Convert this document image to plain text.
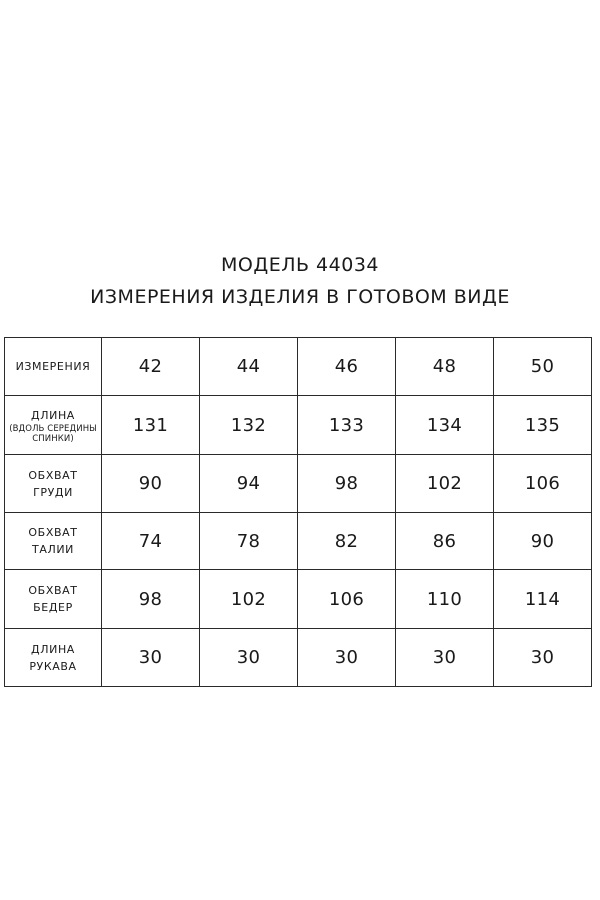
МОДЕЛЬ 44034
ИЗМЕРЕНИЯ ИЗДЕЛИЯ В ГОТОВОМ ВИДЕ
ИЗМЕРЕНИЯ	42	44	46	48	50

ДЛИНА
(ВДОЛЬ СЕРЕДИНЫ
СПИНКИ)	131	132	133	134	135

ОБХВАТ
ГРУДИ	90	94	98	102	106

ОБХВАТ
ТАЛИИ	74	78	82	86	90

ОБХВАТ
БЕДЕР	98	102	106	110	114

ДЛИНА
РУКАВА	30	30	30	30	30
